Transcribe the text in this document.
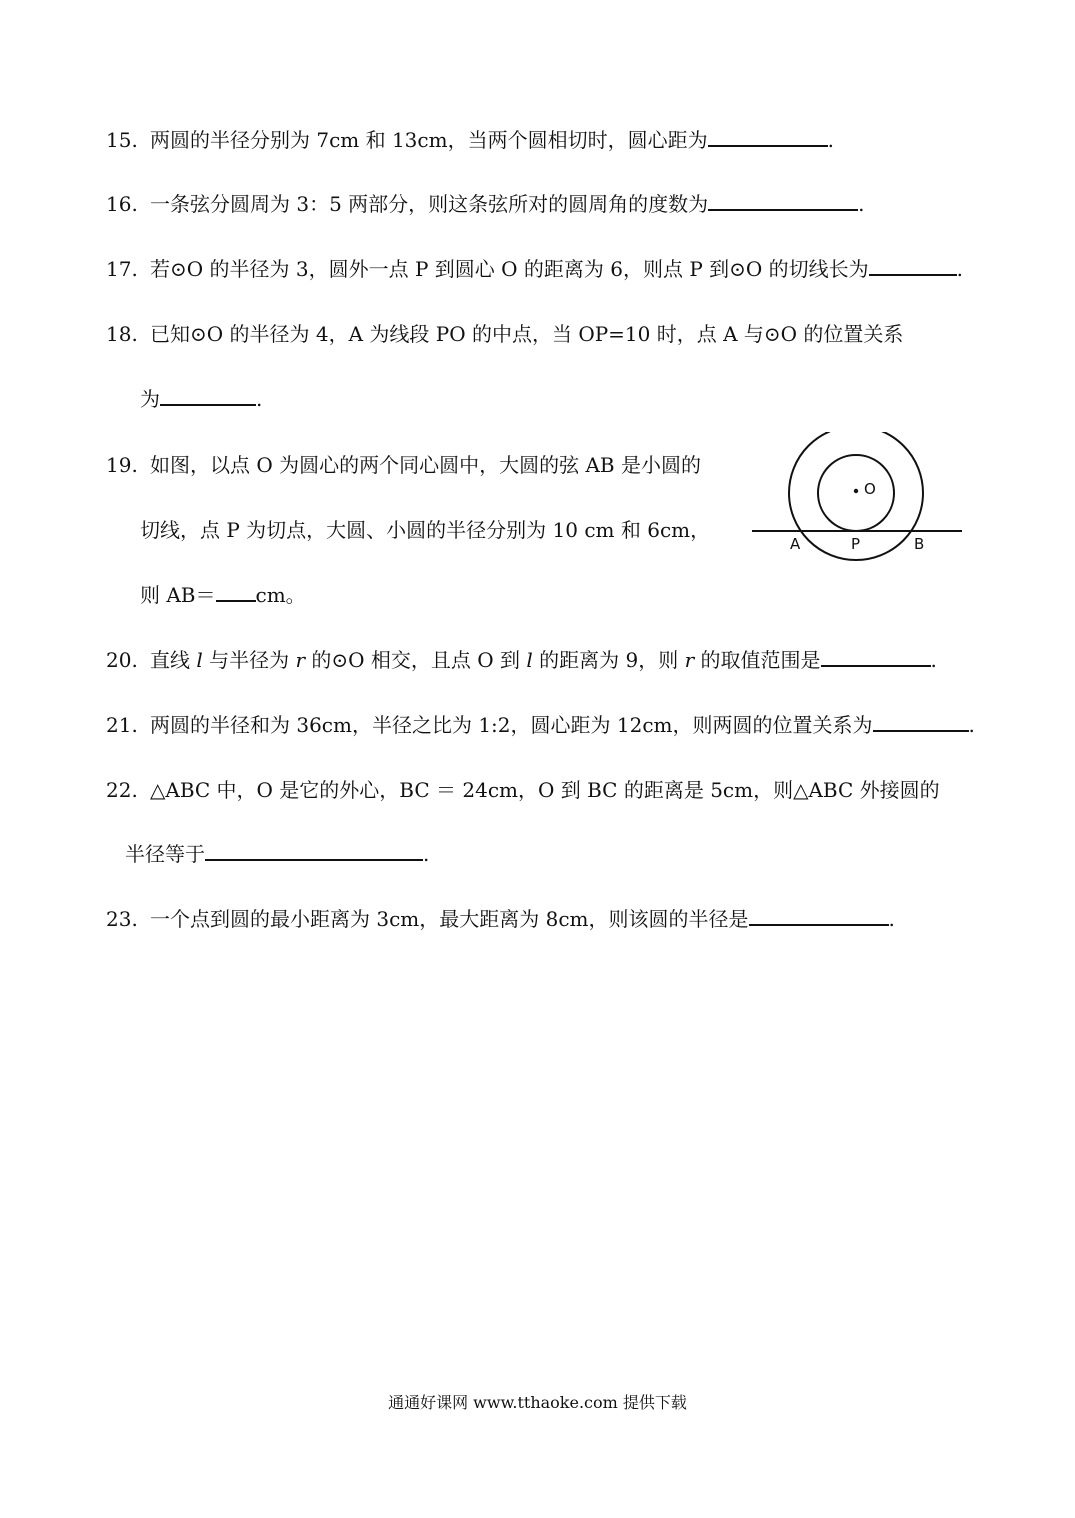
15. 两圆的半径分别为 7cm 和 13cm，当两个圆相切时，圆心距为	.
16. 一条弦分圆周为 3：5 两部分，则这条弦所对的圆周角的度数为	.
17. 若⊙O 的半径为 3，圆外一点 P 到圆心 O 的距离为 6，则点 P 到⊙O 的切线长为	.
18. 已知⊙O 的半径为 4，A 为线段 PO 的中点，当 OP=10 时，点 A 与⊙O 的位置关系
为	.
19. 如图，以点 O 为圆心的两个同心圆中，大圆的弦 AB 是小圆的
切线，点 P 为切点，大圆、小圆的半径分别为 10 cm 和 6cm，
则 AB＝ cm。
O
A	P	B
20. 直线 l 与半径为 r 的⊙O 相交，且点 O 到 l 的距离为 9，则 r 的取值范围是	.
21. 两圆的半径和为 36cm，半径之比为 1:2，圆心距为 12cm，则两圆的位置关系为	.
22. △ABC 中，O 是它的外心，BC ＝ 24cm，O 到 BC 的距离是 5cm，则△ABC 外接圆的
半径等于	.
23. 一个点到圆的最小距离为 3cm，最大距离为 8cm，则该圆的半径是	.
通通好课网 www.tthaoke.com 提供下载
